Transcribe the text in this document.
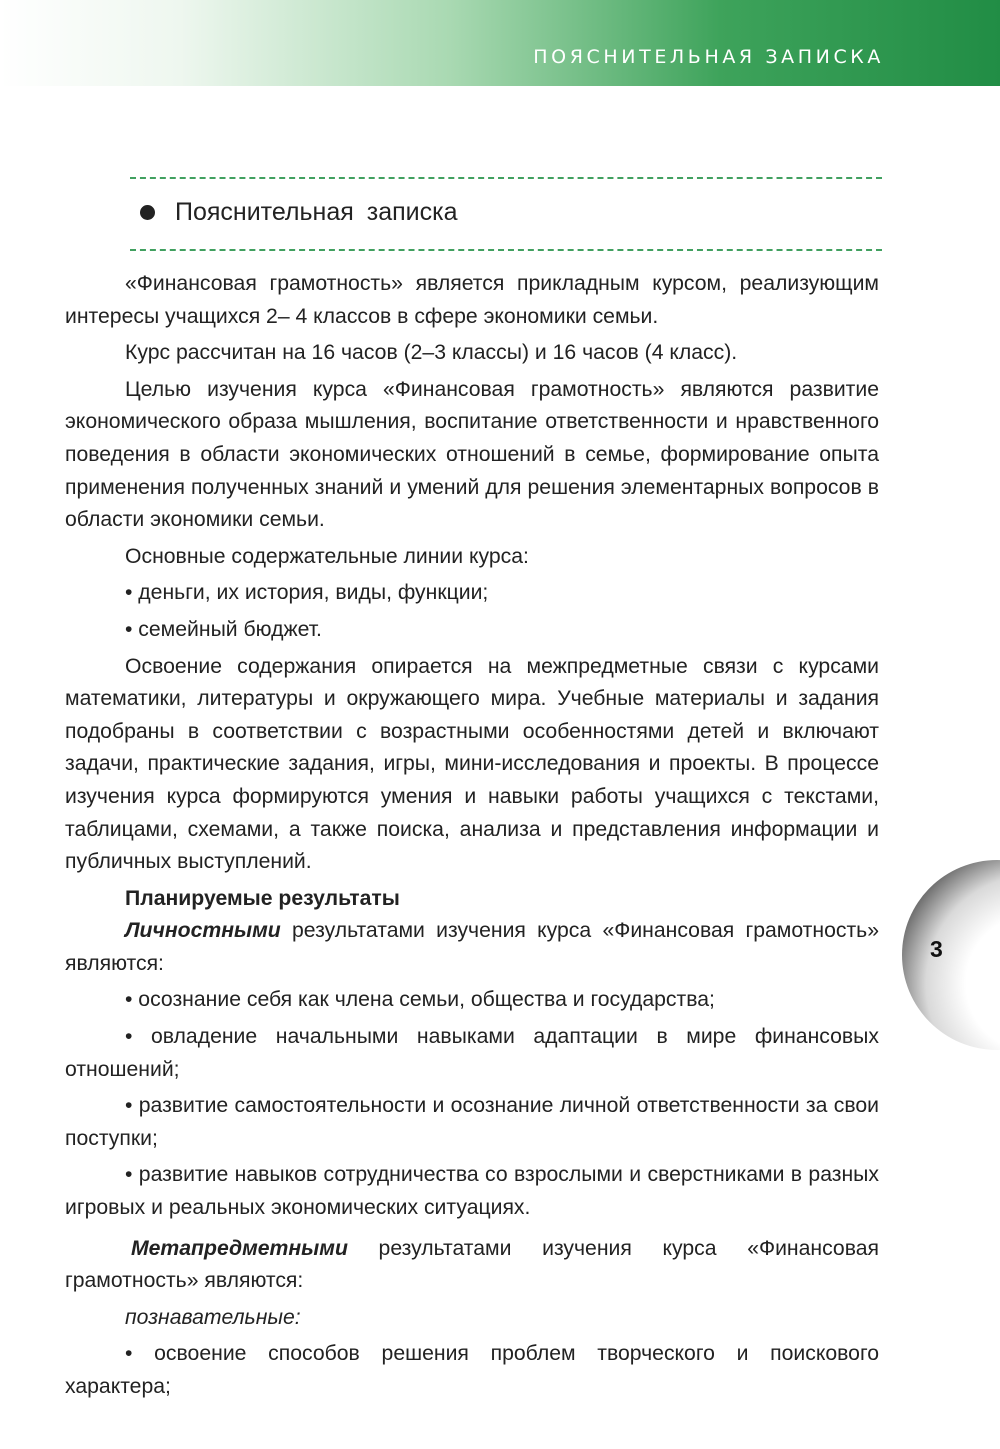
ПОЯСНИТЕЛЬНАЯ ЗАПИСКА
Пояснительная записка

«Финансовая грамотность» является прикладным курсом, реализующим интересы учащихся 2– 4 классов в сфере экономики семьи.

Курс рассчитан на 16 часов (2–3 классы) и 16 часов (4 класс).

Целью изучения курса «Финансовая грамотность» являются развитие экономического образа мышления, воспитание ответственности и нравственного поведения в области экономических отношений в семье, формирование опыта применения полученных знаний и умений для решения элементарных вопросов в области экономики семьи.

Основные содержательные линии курса:

• деньги, их история, виды, функции;

• семейный бюджет.

Освоение содержания опирается на межпредметные связи с курсами математики, литературы и окружающего мира. Учебные материалы и задания подобраны в соответствии с возрастными особенностями детей и включают задачи, практические задания, игры, мини-исследования и проекты. В процессе изучения курса формируются умения и навыки работы учащихся с текстами, таблицами, схемами, а также поиска, анализа и представления информации и публичных выступлений.

Планируемые результаты

Личностными результатами изучения курса «Финансовая грамотность» являются:

• осознание себя как члена семьи, общества и государства;

• овладение начальными навыками адаптации в мире финансовых отношений;

• развитие самостоятельности и осознание личной ответственности за свои поступки;

• развитие навыков сотрудничества со взрослыми и сверстниками в разных игровых и реальных экономических ситуациях.

Метапредметными результатами изучения курса «Финансовая грамотность» являются:

познавательные:

• освоение способов решения проблем творческого и поискового характера;

3
